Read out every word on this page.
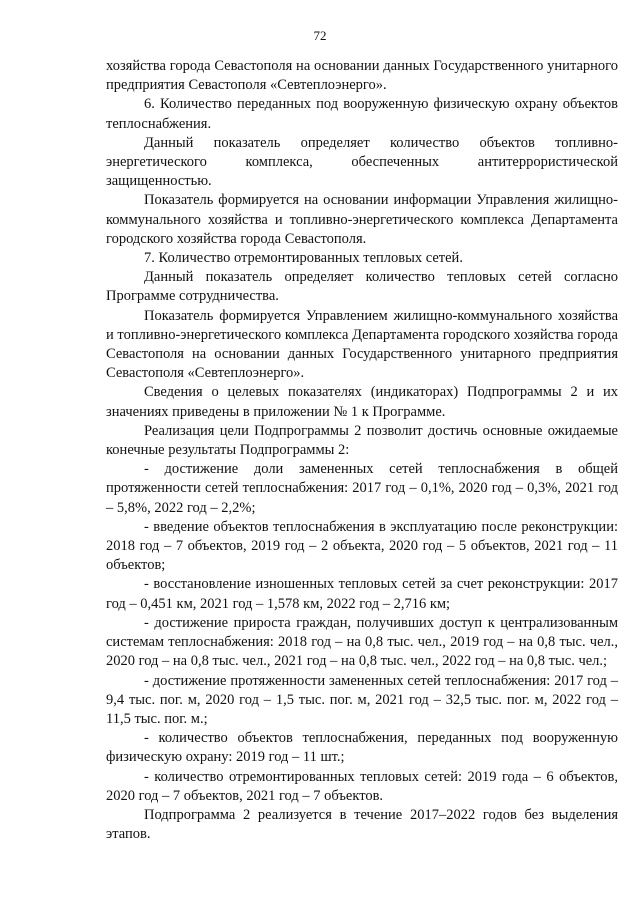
72

хозяйства города Севастополя на основании данных Государственного унитарного предприятия Севастополя «Севтеплоэнерго».

6. Количество переданных под вооруженную физическую охрану объектов теплоснабжения.

Данный показатель определяет количество объектов топливно-энергетического комплекса, обеспеченных антитеррористической защищенностью.

Показатель формируется на основании информации Управления жилищно-коммунального хозяйства и топливно-энергетического комплекса Департамента городского хозяйства города Севастополя.

7. Количество отремонтированных тепловых сетей.

Данный показатель определяет количество тепловых сетей согласно Программе сотрудничества.

Показатель формируется Управлением жилищно-коммунального хозяйства и топливно-энергетического комплекса Департамента городского хозяйства города Севастополя на основании данных Государственного унитарного предприятия Севастополя «Севтеплоэнерго».

Сведения о целевых показателях (индикаторах) Подпрограммы 2 и их значениях приведены в приложении № 1 к Программе.

Реализация цели Подпрограммы 2 позволит достичь основные ожидаемые конечные результаты Подпрограммы 2:

- достижение доли замененных сетей теплоснабжения в общей протяженности сетей теплоснабжения: 2017 год – 0,1%, 2020 год – 0,3%, 2021 год – 5,8%, 2022 год – 2,2%;

- введение объектов теплоснабжения в эксплуатацию после реконструкции: 2018 год – 7 объектов, 2019 год – 2 объекта, 2020 год – 5 объектов, 2021 год – 11 объектов;

- восстановление изношенных тепловых сетей за счет реконструкции: 2017 год – 0,451 км, 2021 год – 1,578 км, 2022 год – 2,716 км;

- достижение прироста граждан, получивших доступ к централизованным системам теплоснабжения: 2018 год – на 0,8 тыс. чел., 2019 год – на 0,8 тыс. чел., 2020 год – на 0,8 тыс. чел., 2021 год – на 0,8 тыс. чел., 2022 год – на 0,8 тыс. чел.;

- достижение протяженности замененных сетей теплоснабжения: 2017 год – 9,4 тыс. пог. м, 2020 год – 1,5 тыс. пог. м, 2021 год – 32,5 тыс. пог. м, 2022 год – 11,5 тыс. пог. м.;

- количество объектов теплоснабжения, переданных под вооруженную физическую охрану: 2019 год – 11 шт.;

- количество отремонтированных тепловых сетей: 2019 года – 6 объектов, 2020 год – 7 объектов, 2021 год – 7 объектов.

Подпрограмма 2 реализуется в течение 2017–2022 годов без выделения этапов.
